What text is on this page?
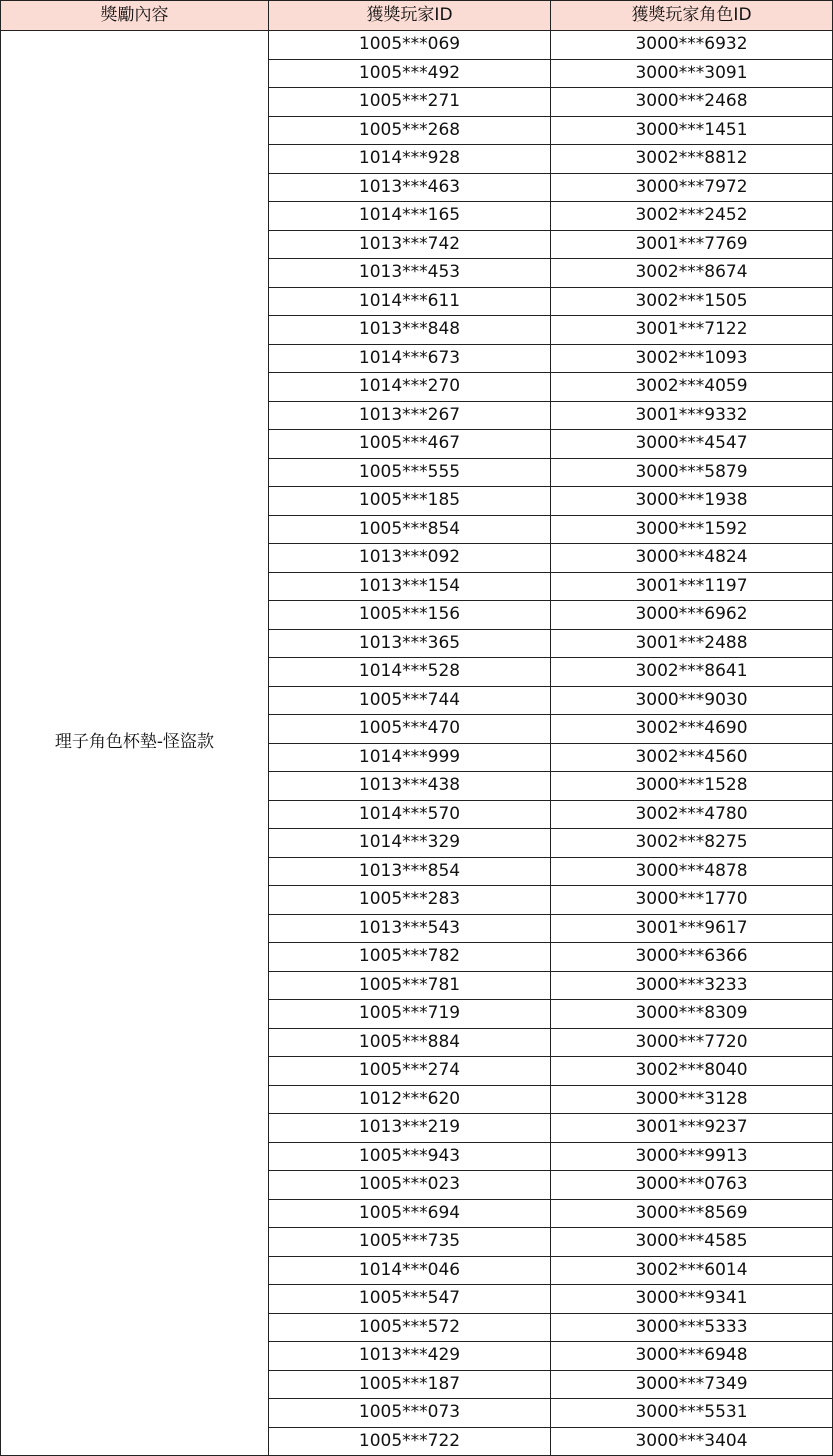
獎勵內容	獲獎玩家ID	獲獎玩家角色ID
理子角色杯墊-怪盜款	1005***069	3000***6932
	1005***492	3000***3091
	1005***271	3000***2468
	1005***268	3000***1451
	1014***928	3002***8812
	1013***463	3000***7972
	1014***165	3002***2452
	1013***742	3001***7769
	1013***453	3002***8674
	1014***611	3002***1505
	1013***848	3001***7122
	1014***673	3002***1093
	1014***270	3002***4059
	1013***267	3001***9332
	1005***467	3000***4547
	1005***555	3000***5879
	1005***185	3000***1938
	1005***854	3000***1592
	1013***092	3000***4824
	1013***154	3001***1197
	1005***156	3000***6962
	1013***365	3001***2488
	1014***528	3002***8641
	1005***744	3000***9030
	1005***470	3002***4690
	1014***999	3002***4560
	1013***438	3000***1528
	1014***570	3002***4780
	1014***329	3002***8275
	1013***854	3000***4878
	1005***283	3000***1770
	1013***543	3001***9617
	1005***782	3000***6366
	1005***781	3000***3233
	1005***719	3000***8309
	1005***884	3000***7720
	1005***274	3002***8040
	1012***620	3000***3128
	1013***219	3001***9237
	1005***943	3000***9913
	1005***023	3000***0763
	1005***694	3000***8569
	1005***735	3000***4585
	1014***046	3002***6014
	1005***547	3000***9341
	1005***572	3000***5333
	1013***429	3000***6948
	1005***187	3000***7349
	1005***073	3000***5531
	1005***722	3000***3404
